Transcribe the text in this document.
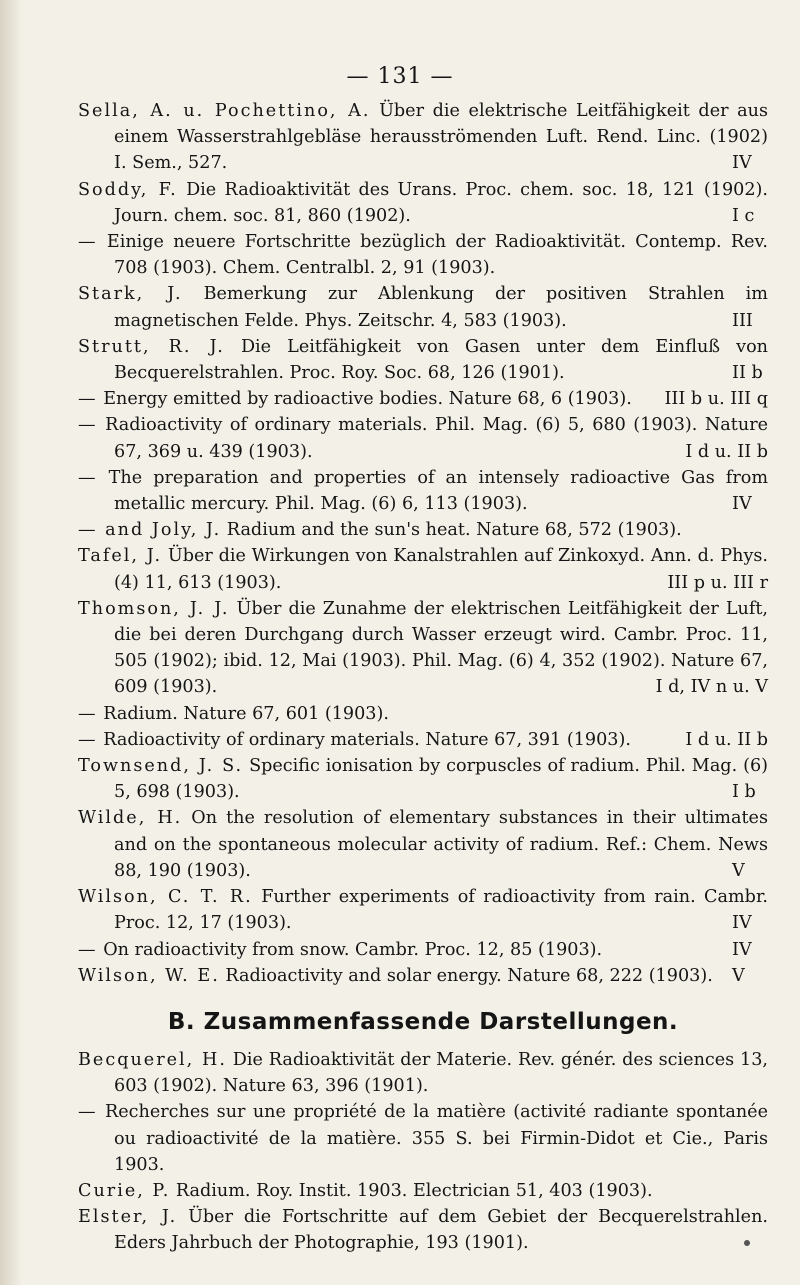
— 131 —
Sella, A. u. Pochettino, A. Über die elektrische Leitfähigkeit der aus einem Wasserstrahlgebläse herausströmenden Luft. Rend. Linc. (1902) I. Sem., 527.	IV
Soddy, F. Die Radioaktivität des Urans. Proc. chem. soc. 18, 121 (1902). Journ. chem. soc. 81, 860 (1902).	I c
— Einige neuere Fortschritte bezüglich der Radioaktivität. Contemp. Rev. 708 (1903). Chem. Centralbl. 2, 91 (1903).
Stark, J. Bemerkung zur Ablenkung der positiven Strahlen im magnetischen Felde. Phys. Zeitschr. 4, 583 (1903).	III
Strutt, R. J. Die Leitfähigkeit von Gasen unter dem Einfluß von Becquerelstrahlen. Proc. Roy. Soc. 68, 126 (1901).	II b
— Energy emitted by radioactive bodies. Nature 68, 6 (1903). III b u. III q
— Radioactivity of ordinary materials. Phil. Mag. (6) 5, 680 (1903). Nature 67, 369 u. 439 (1903).	I d u. II b
— The preparation and properties of an intensely radioactive Gas from metallic mercury. Phil. Mag. (6) 6, 113 (1903).	IV
— and Joly, J. Radium and the sun's heat. Nature 68, 572 (1903).
Tafel, J. Über die Wirkungen von Kanalstrahlen auf Zinkoxyd. Ann. d. Phys. (4) 11, 613 (1903).	III p u. III r
Thomson, J. J. Über die Zunahme der elektrischen Leitfähigkeit der Luft, die bei deren Durchgang durch Wasser erzeugt wird. Cambr. Proc. 11, 505 (1902); ibid. 12, Mai (1903). Phil. Mag. (6) 4, 352 (1902). Nature 67, 609 (1903).	I d, IV n u. V
— Radium. Nature 67, 601 (1903).
— Radioactivity of ordinary materials. Nature 67, 391 (1903).	I d u. II b
Townsend, J. S. Specific ionisation by corpuscles of radium. Phil. Mag. (6) 5, 698 (1903).	I b
Wilde, H. On the resolution of elementary substances in their ultimates and on the spontaneous molecular activity of radium. Ref.: Chem. News 88, 190 (1903).	V
Wilson, C. T. R. Further experiments of radioactivity from rain. Cambr. Proc. 12, 17 (1903).	IV
— On radioactivity from snow. Cambr. Proc. 12, 85 (1903).	IV
Wilson, W. E. Radioactivity and solar energy. Nature 68, 222 (1903). V
B. Zusammenfassende Darstellungen.
Becquerel, H. Die Radioaktivität der Materie. Rev. génér. des sciences 13, 603 (1902). Nature 63, 396 (1901).
— Recherches sur une propriété de la matière (activité radiante spontanée ou radioactivité de la matière. 355 S. bei Firmin-Didot et Cie., Paris 1903.
Curie, P. Radium. Roy. Instit. 1903. Electrician 51, 403 (1903).
Elster, J. Über die Fortschritte auf dem Gebiet der Becquerelstrahlen. Eders Jahrbuch der Photographie, 193 (1901).
